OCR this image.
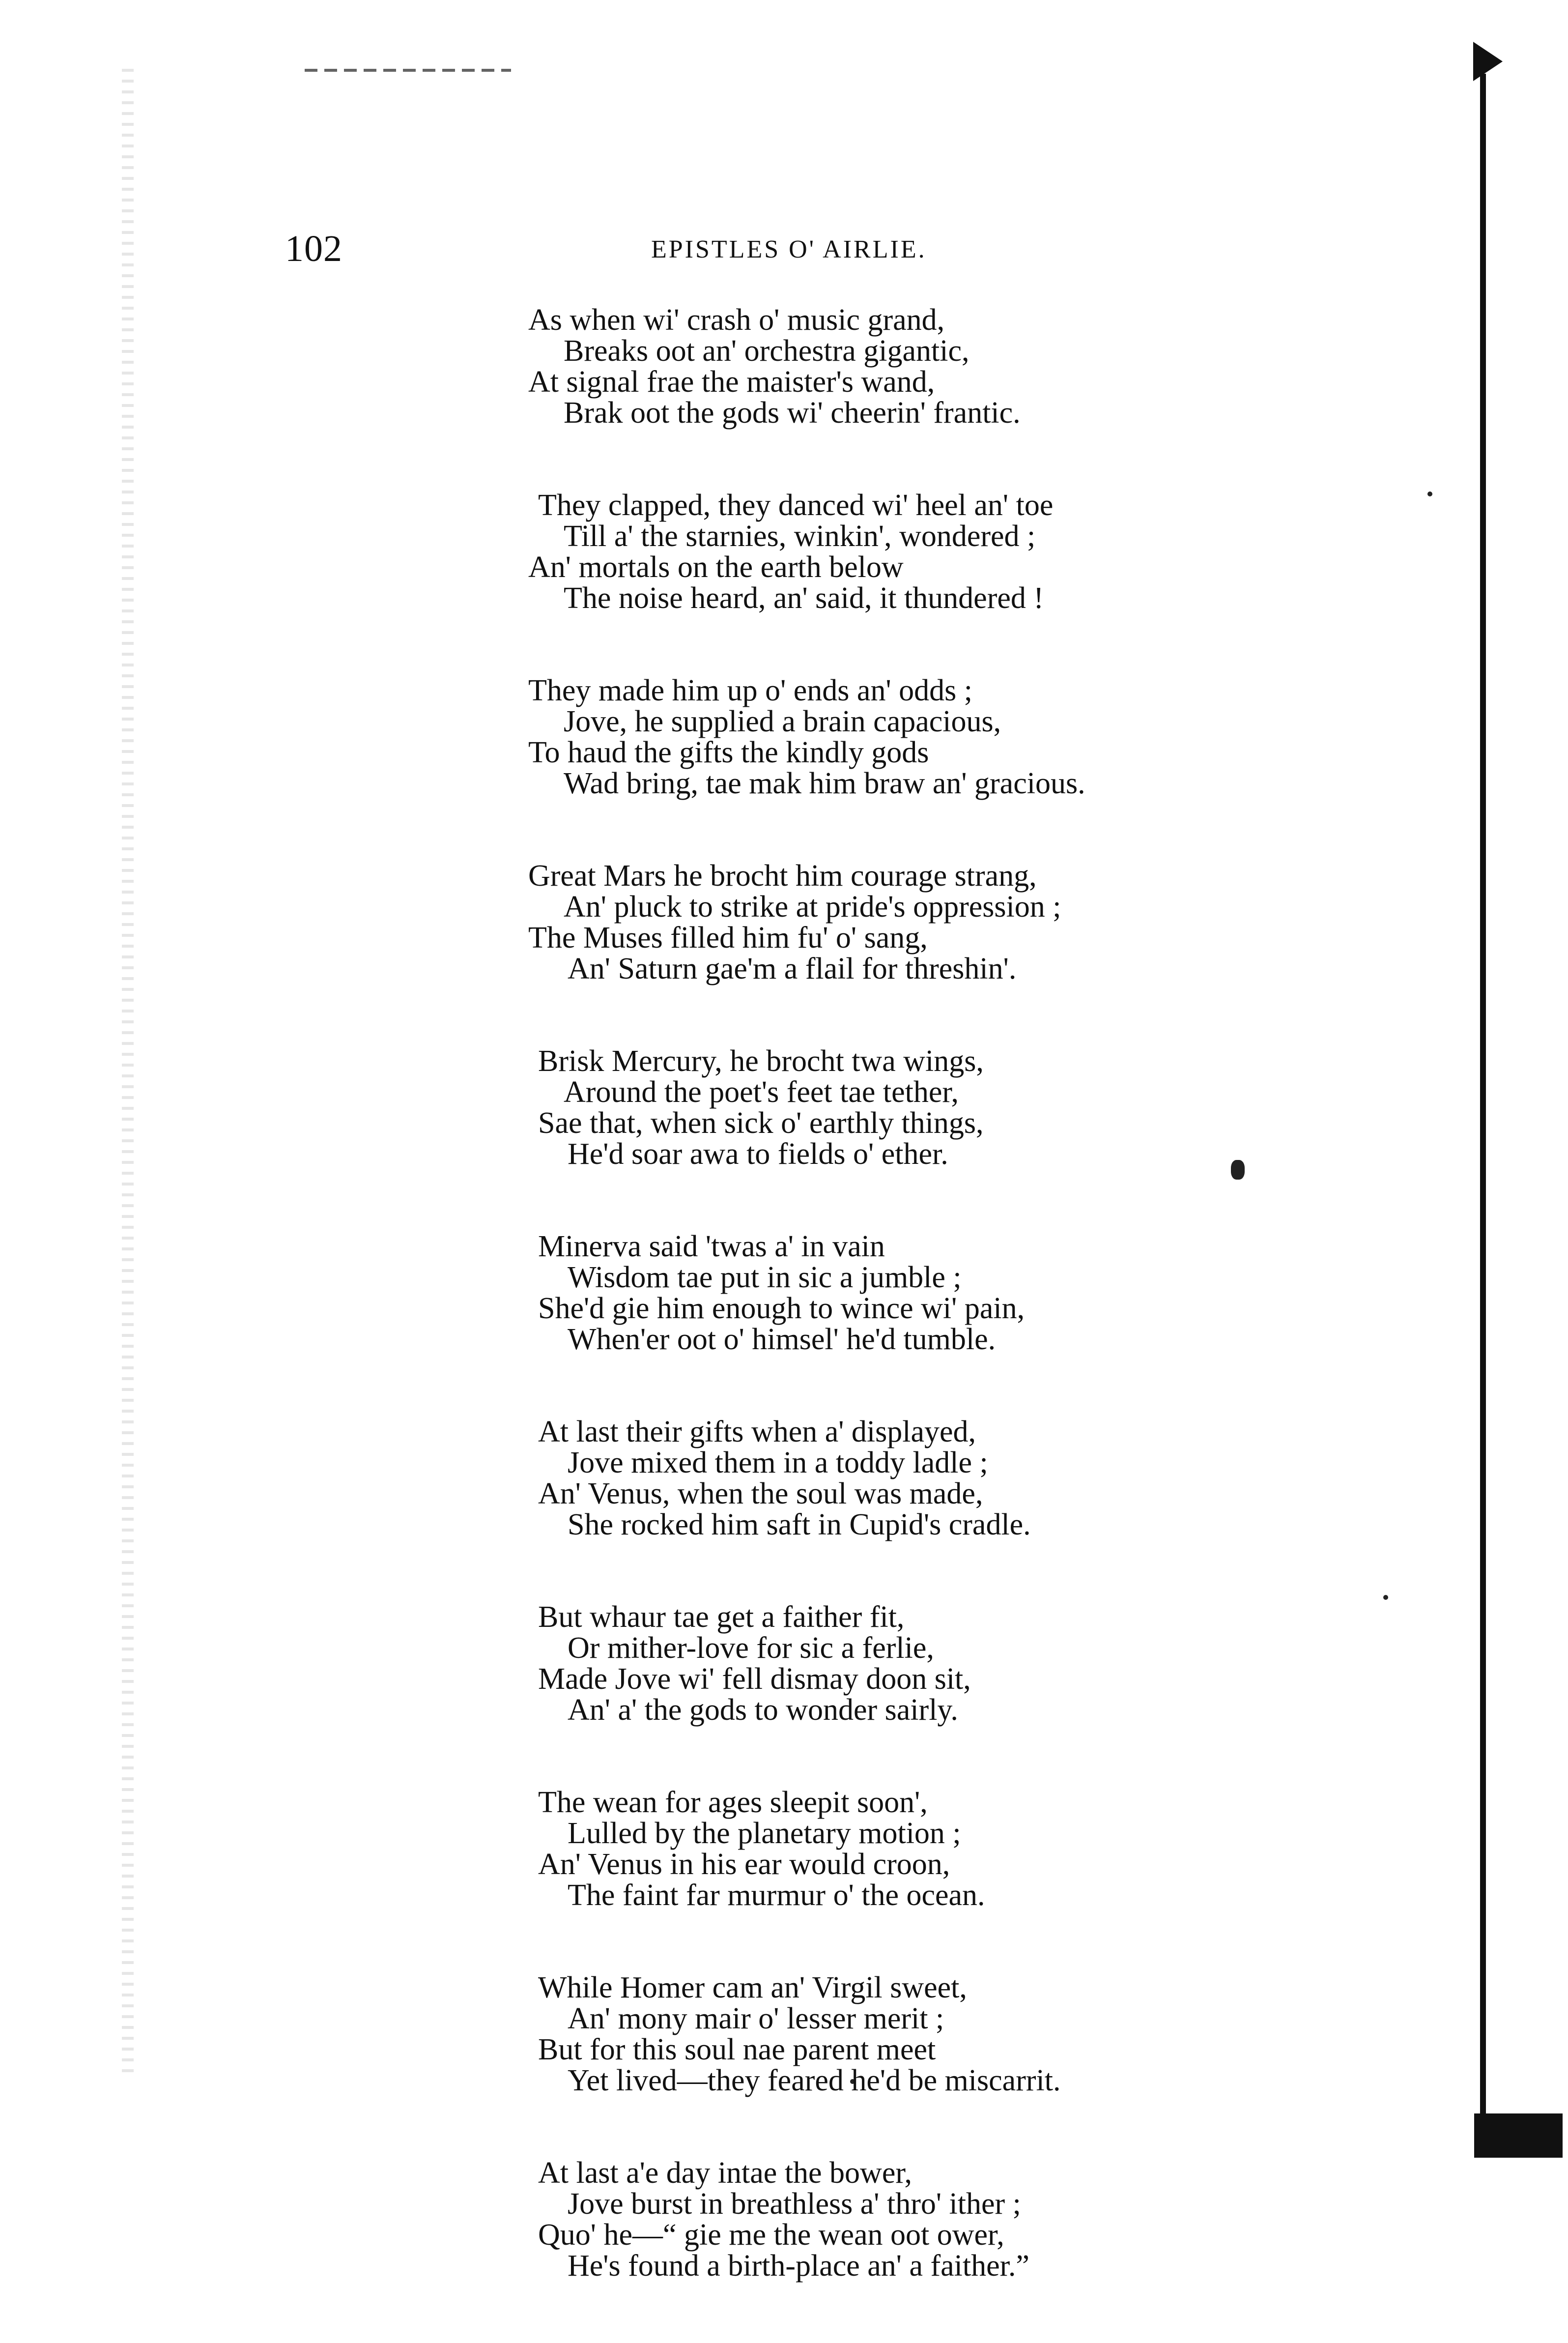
102	EPISTLES O' AIRLIE.
As when wi' crash o' music grand,
Breaks oot an' orchestra gigantic,
At signal frae the maister's wand,
Brak oot the gods wi' cheerin' frantic.
They clapped, they danced wi' heel an' toe
Till a' the starnies, winkin', wondered ;
An' mortals on the earth below
The noise heard, an' said, it thundered !
They made him up o' ends an' odds ;
Jove, he supplied a brain capacious,
To haud the gifts the kindly gods
Wad bring, tae mak him braw an' gracious.
Great Mars he brocht him courage strang,
An' pluck to strike at pride's oppression ;
The Muses filled him fu' o' sang,
An' Saturn gae'm a flail for threshin'.
Brisk Mercury, he brocht twa wings,
Around the poet's feet tae tether,
Sae that, when sick o' earthly things,
He'd soar awa to fields o' ether.
Minerva said 'twas a' in vain
Wisdom tae put in sic a jumble ;
She'd gie him enough to wince wi' pain,
When'er oot o' himsel' he'd tumble.
At last their gifts when a' displayed,
Jove mixed them in a toddy ladle ;
An' Venus, when the soul was made,
She rocked him saft in Cupid's cradle.
But whaur tae get a faither fit,
Or mither-love for sic a ferlie,
Made Jove wi' fell dismay doon sit,
An' a' the gods to wonder sairly.
The wean for ages sleepit soon',
Lulled by the planetary motion ;
An' Venus in his ear would croon,
The faint far murmur o' the ocean.
While Homer cam an' Virgil sweet,
An' mony mair o' lesser merit ;
But for this soul nae parent meet
Yet lived—they feared he'd be miscarrit.
At last a'e day intae the bower,
Jove burst in breathless a' thro' ither ;
Quo' he—“ gie me the wean oot ower,
He's found a birth-place an' a faither.”
